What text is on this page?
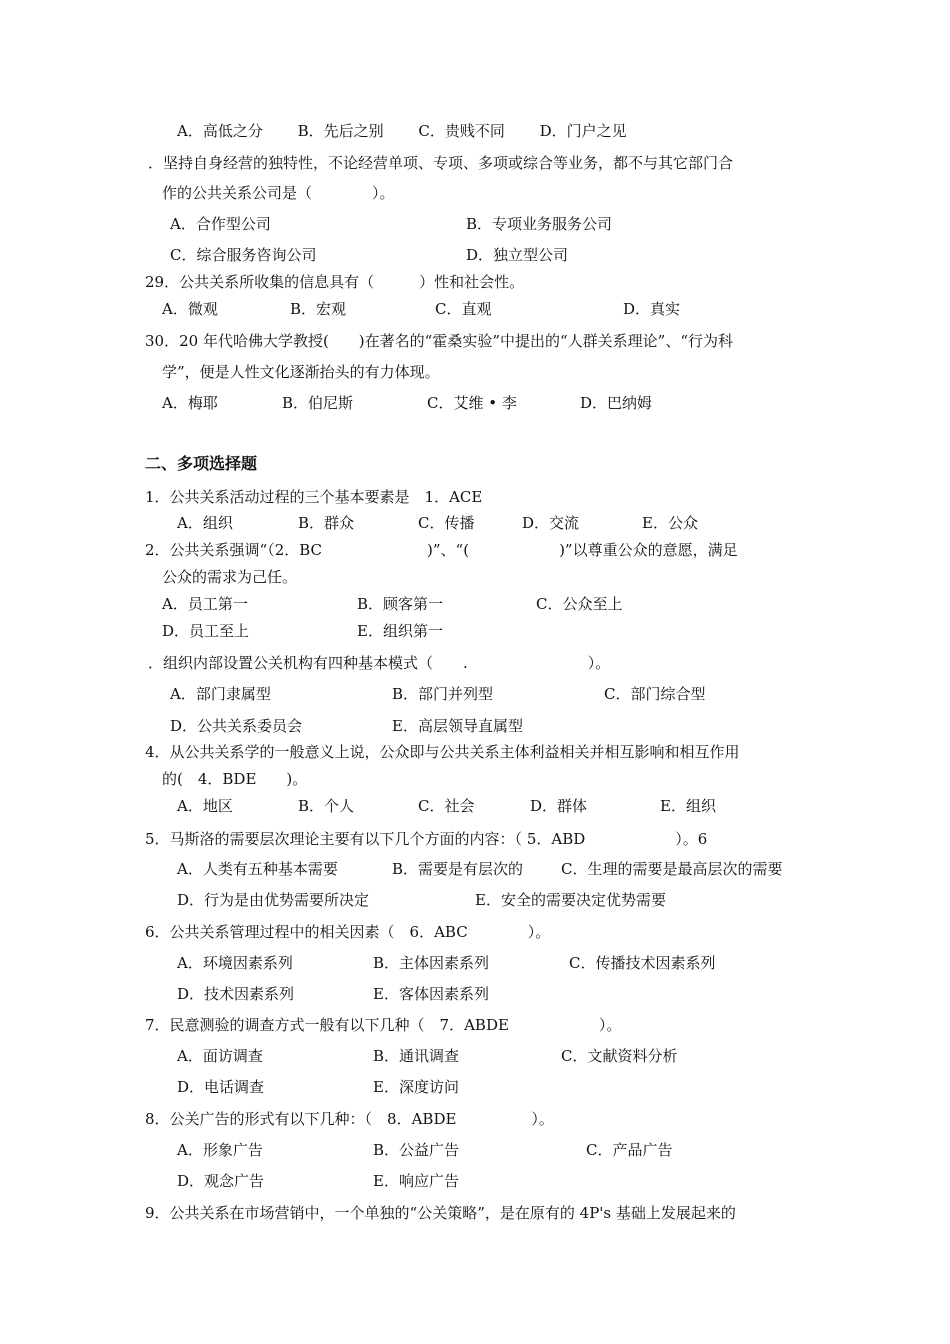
A．高低之分　　 B．先后之别　　 C．贵贱不同　　 D．门户之见
．坚持自身经营的独特性，不论经营单项、专项、多项或综合等业务，都不与其它部门合
作的公共关系公司是（　　　　）。
A．合作型公司	B．专项业务服务公司
C．综合服务咨询公司	D．独立型公司
29．公共关系所收集的信息具有（　　　）性和社会性。
A．微观	B．宏观	C．直观	D．真实
30．20 年代哈佛大学教授(　　)在著名的“霍桑实验”中提出的“人群关系理论”、“行为科
学”，便是人性文化逐渐抬头的有力体现。
A．梅耶	B．伯尼斯	C．艾维 • 李	D．巴纳姆
二、多项选择题
1．公共关系活动过程的三个基本要素是　1．ACE
A．组织	B．群众	C．传播	D．交流	E．公众
2．公共关系强调“（2．BC　　　　　　　)”、“(　　　　　　)”以尊重公众的意愿，满足
公众的需求为己任。
A．员工第一	B．顾客第一	C．公众至上
D．员工至上	E．组织第一
．组织内部设置公关机构有四种基本模式（　　.　　　　　　　　）。
A．部门隶属型	B．部门并列型	C．部门综合型
D．公共关系委员会	E．高层领导直属型
4．从公共关系学的一般意义上说，公众即与公共关系主体利益相关并相互影响和相互作用
的(　4．BDE　　)。
A．地区	B．个人	C．社会	D．群体	E．组织
5．马斯洛的需要层次理论主要有以下几个方面的内容：（ 5．ABD　　　　　　）。6
A．人类有五种基本需要	B．需要是有层次的	C．生理的需要是最高层次的需要
D．行为是由优势需要所决定	E．安全的需要决定优势需要
6．公共关系管理过程中的相关因素（　6．ABC　　　　）。
A．环境因素系列	B．主体因素系列	C．传播技术因素系列
D．技术因素系列	E．客体因素系列
7．民意测验的调查方式一般有以下几种（　7．ABDE　　　　　　）。
A．面访调查	B．通讯调查	C．文献资料分析
D．电话调查	E．深度访问
8．公关广告的形式有以下几种：（　8．ABDE　　　　　）。
A．形象广告	B．公益广告	C．产品广告
D．观念广告	E．响应广告
9．公共关系在市场营销中，一个单独的“公关策略”，是在原有的 4P's 基础上发展起来的
